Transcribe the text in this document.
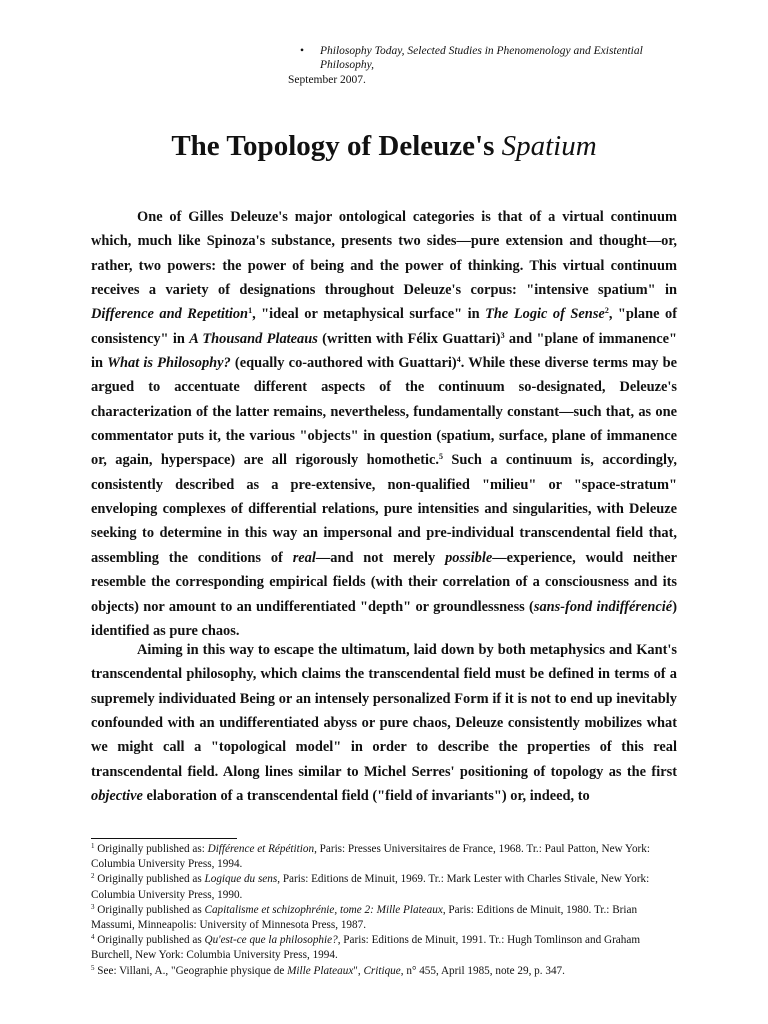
• Philosophy Today, Selected Studies in Phenomenology and Existential
Philosophy,
September 2007.
The Topology of Deleuze's Spatium

One of Gilles Deleuze's major ontological categories is that of a virtual continuum which, much like Spinoza's substance, presents two sides—pure extension and thought—or, rather, two powers: the power of being and the power of thinking. This virtual continuum receives a variety of designations throughout Deleuze's corpus: "intensive spatium" in Difference and Repetition$^1$, "ideal or metaphysical surface" in The Logic of Sense$^2$, "plane of consistency" in A Thousand Plateaus (written with Félix Guattari)$^3$ and "plane of immanence" in What is Philosophy? (equally co-authored with Guattari)$^4$. While these diverse terms may be argued to accentuate different aspects of the continuum so-designated, Deleuze's characterization of the latter remains, nevertheless, fundamentally constant—such that, as one commentator puts it, the various "objects" in question (spatium, surface, plane of immanence or, again, hyperspace) are all rigorously homothetic.$^5$ Such a continuum is, accordingly, consistently described as a pre-extensive, non-qualified "milieu" or "space-stratum" enveloping complexes of differential relations, pure intensities and singularities, with Deleuze seeking to determine in this way an impersonal and pre-individual transcendental field that, assembling the conditions of real—and not merely possible—experience, would neither resemble the corresponding empirical fields (with their correlation of a consciousness and its objects) nor amount to an undifferentiated "depth" or groundlessness (sans-fond indifférencié) identified as pure chaos.

Aiming in this way to escape the ultimatum, laid down by both metaphysics and Kant's transcendental philosophy, which claims the transcendental field must be defined in terms of a supremely individuated Being or an intensely personalized Form if it is not to end up inevitably confounded with an undifferentiated abyss or pure chaos, Deleuze consistently mobilizes what we might call a "topological model" in order to describe the properties of this real transcendental field. Along lines similar to Michel Serres' positioning of topology as the first objective elaboration of a transcendental field ("field of invariants") or, indeed, to

$^1$ Originally published as: Différence et Répétition, Paris: Presses Universitaires de France, 1968. Tr.: Paul Patton, New York: Columbia University Press, 1994.

$^2$ Originally published as Logique du sens, Paris: Editions de Minuit, 1969. Tr.: Mark Lester with Charles Stivale, New York: Columbia University Press, 1990.

$^3$ Originally published as Capitalisme et schizophrénie, tome 2: Mille Plateaux, Paris: Editions de Minuit, 1980. Tr.: Brian Massumi, Minneapolis: University of Minnesota Press, 1987.

$^4$ Originally published as Qu'est-ce que la philosophie?, Paris: Editions de Minuit, 1991. Tr.: Hugh Tomlinson and Graham Burchell, New York: Columbia University Press, 1994.

$^5$ See: Villani, A., "Geographie physique de Mille Plateaux", Critique, n° 455, April 1985, note 29, p. 347.
